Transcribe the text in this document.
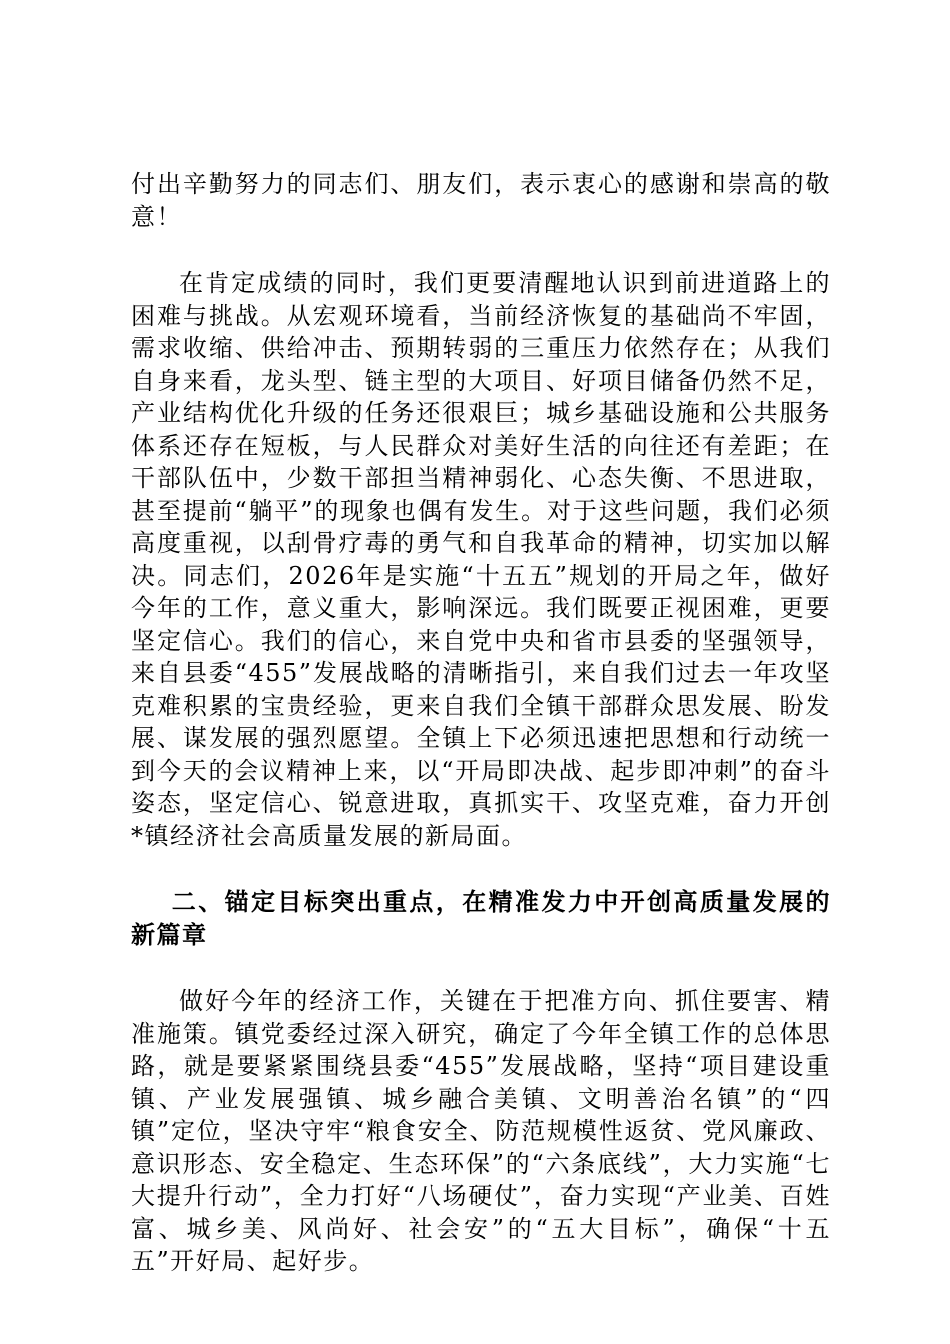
付出辛勤努力的同志们、朋友们，表示衷心的感谢和崇高的敬意！

在肯定成绩的同时，我们更要清醒地认识到前进道路上的困难与挑战。从宏观环境看，当前经济恢复的基础尚不牢固，需求收缩、供给冲击、预期转弱的三重压力依然存在；从我们自身来看，龙头型、链主型的大项目、好项目储备仍然不足，产业结构优化升级的任务还很艰巨；城乡基础设施和公共服务体系还存在短板，与人民群众对美好生活的向往还有差距；在干部队伍中，少数干部担当精神弱化、心态失衡、不思进取，甚至提前“躺平”的现象也偶有发生。对于这些问题，我们必须高度重视，以刮骨疗毒的勇气和自我革命的精神，切实加以解决。同志们，2026年是实施“十五五”规划的开局之年，做好今年的工作，意义重大，影响深远。我们既要正视困难，更要坚定信心。我们的信心，来自党中央和省市县委的坚强领导，来自县委“455”发展战略的清晰指引，来自我们过去一年攻坚克难积累的宝贵经验，更来自我们全镇干部群众思发展、盼发展、谋发展的强烈愿望。全镇上下必须迅速把思想和行动统一到今天的会议精神上来，以“开局即决战、起步即冲刺”的奋斗姿态，坚定信心、锐意进取，真抓实干、攻坚克难，奋力开创*镇经济社会高质量发展的新局面。

二、锚定目标突出重点，在精准发力中开创高质量发展的新篇章

做好今年的经济工作，关键在于把准方向、抓住要害、精准施策。镇党委经过深入研究，确定了今年全镇工作的总体思路，就是要紧紧围绕县委“455”发展战略，坚持“项目建设重镇、产业发展强镇、城乡融合美镇、文明善治名镇”的“四镇”定位，坚决守牢“粮食安全、防范规模性返贫、党风廉政、意识形态、安全稳定、生态环保”的“六条底线”，大力实施“七大提升行动”，全力打好“八场硬仗”，奋力实现“产业美、百姓富、城乡美、风尚好、社会安”的“五大目标”，确保“十五五”开好局、起好步。
